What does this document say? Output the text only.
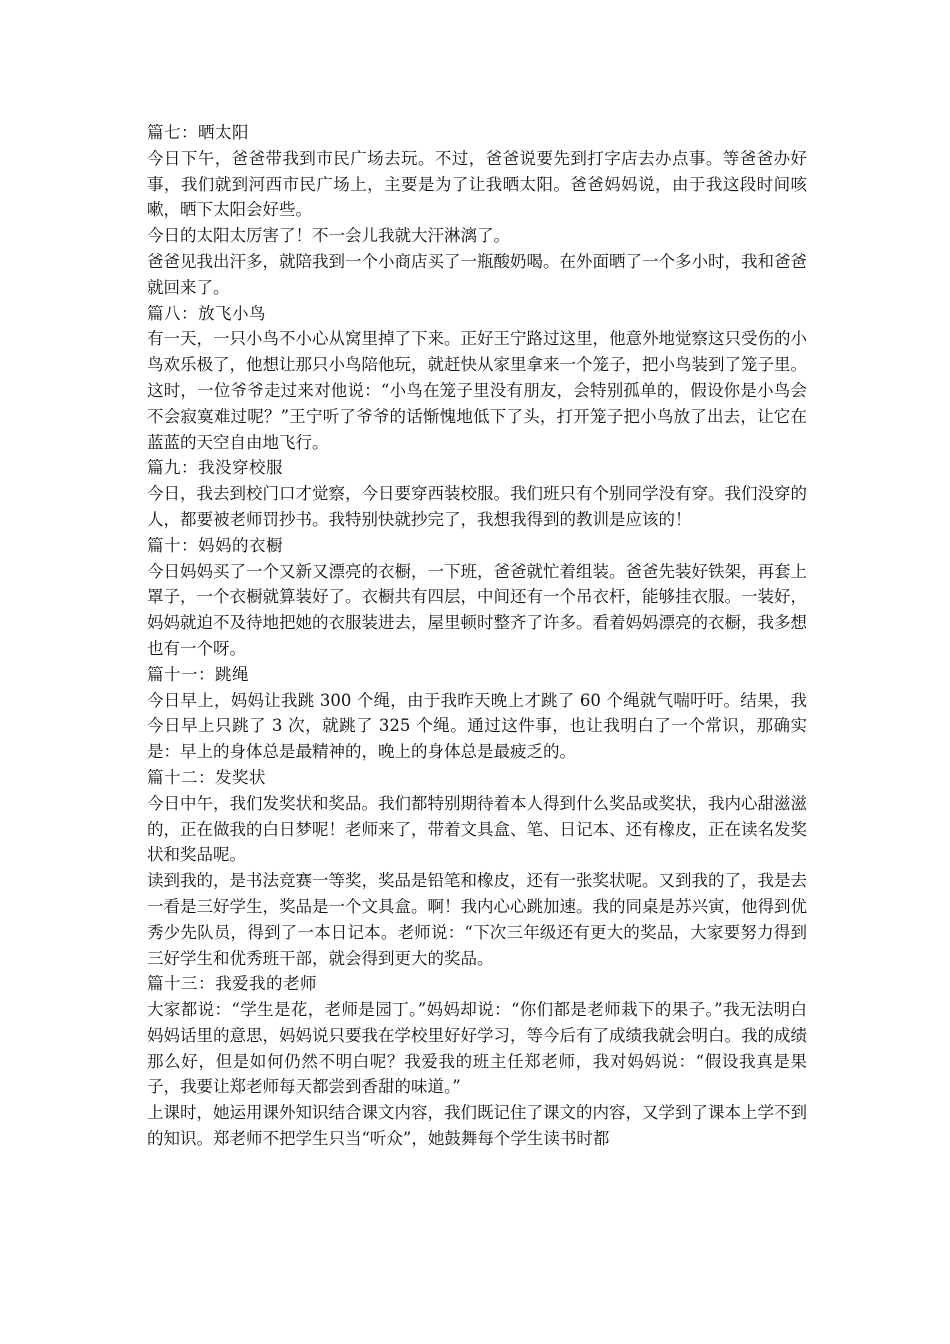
篇七：晒太阳

今日下午，爸爸带我到市民广场去玩。不过，爸爸说要先到打字店去办点事。等爸爸办好事，我们就到河西市民广场上，主要是为了让我晒太阳。爸爸妈妈说，由于我这段时间咳嗽，晒下太阳会好些。

今日的太阳太厉害了！不一会儿我就大汗淋漓了。

爸爸见我出汗多，就陪我到一个小商店买了一瓶酸奶喝。在外面晒了一个多小时，我和爸爸就回来了。

篇八：放飞小鸟

有一天，一只小鸟不小心从窝里掉了下来。正好王宁路过这里，他意外地觉察这只受伤的小鸟欢乐极了，他想让那只小鸟陪他玩，就赶快从家里拿来一个笼子，把小鸟装到了笼子里。这时，一位爷爷走过来对他说：“小鸟在笼子里没有朋友，会特别孤单的，假设你是小鸟会不会寂寞难过呢？”王宁听了爷爷的话惭愧地低下了头，打开笼子把小鸟放了出去，让它在蓝蓝的天空自由地飞行。

篇九：我没穿校服

今日，我去到校门口才觉察，今日要穿西装校服。我们班只有个别同学没有穿。我们没穿的人，都要被老师罚抄书。我特别快就抄完了，我想我得到的教训是应该的！

篇十：妈妈的衣橱

今日妈妈买了一个又新又漂亮的衣橱，一下班，爸爸就忙着组装。爸爸先装好铁架，再套上罩子，一个衣橱就算装好了。衣橱共有四层，中间还有一个吊衣杆，能够挂衣服。一装好，妈妈就迫不及待地把她的衣服装进去，屋里顿时整齐了许多。看着妈妈漂亮的衣橱，我多想也有一个呀。

篇十一：跳绳

今日早上，妈妈让我跳 300 个绳，由于我昨天晚上才跳了 60 个绳就气喘吁吁。结果，我今日早上只跳了 3 次，就跳了 325 个绳。通过这件事，也让我明白了一个常识，那确实是：早上的身体总是最精神的，晚上的身体总是最疲乏的。

篇十二：发奖状

今日中午，我们发奖状和奖品。我们都特别期待着本人得到什么奖品或奖状，我内心甜滋滋的，正在做我的白日梦呢！老师来了，带着文具盒、笔、日记本、还有橡皮，正在读名发奖状和奖品呢。

读到我的，是书法竞赛一等奖，奖品是铅笔和橡皮，还有一张奖状呢。又到我的了，我是去一看是三好学生，奖品是一个文具盒。啊！我内心心跳加速。我的同桌是苏兴寅，他得到优秀少先队员，得到了一本日记本。老师说：“下次三年级还有更大的奖品，大家要努力得到三好学生和优秀班干部，就会得到更大的奖品。

篇十三：我爱我的老师

大家都说：“学生是花，老师是园丁。”妈妈却说：“你们都是老师栽下的果子。”我无法明白妈妈话里的意思，妈妈说只要我在学校里好好学习，等今后有了成绩我就会明白。我的成绩那么好，但是如何仍然不明白呢？我爱我的班主任郑老师，我对妈妈说：“假设我真是果子，我要让郑老师每天都尝到香甜的味道。”

上课时，她运用课外知识结合课文内容，我们既记住了课文的内容，又学到了课本上学不到的知识。郑老师不把学生只当“听众”，她鼓舞每个学生读书时都
